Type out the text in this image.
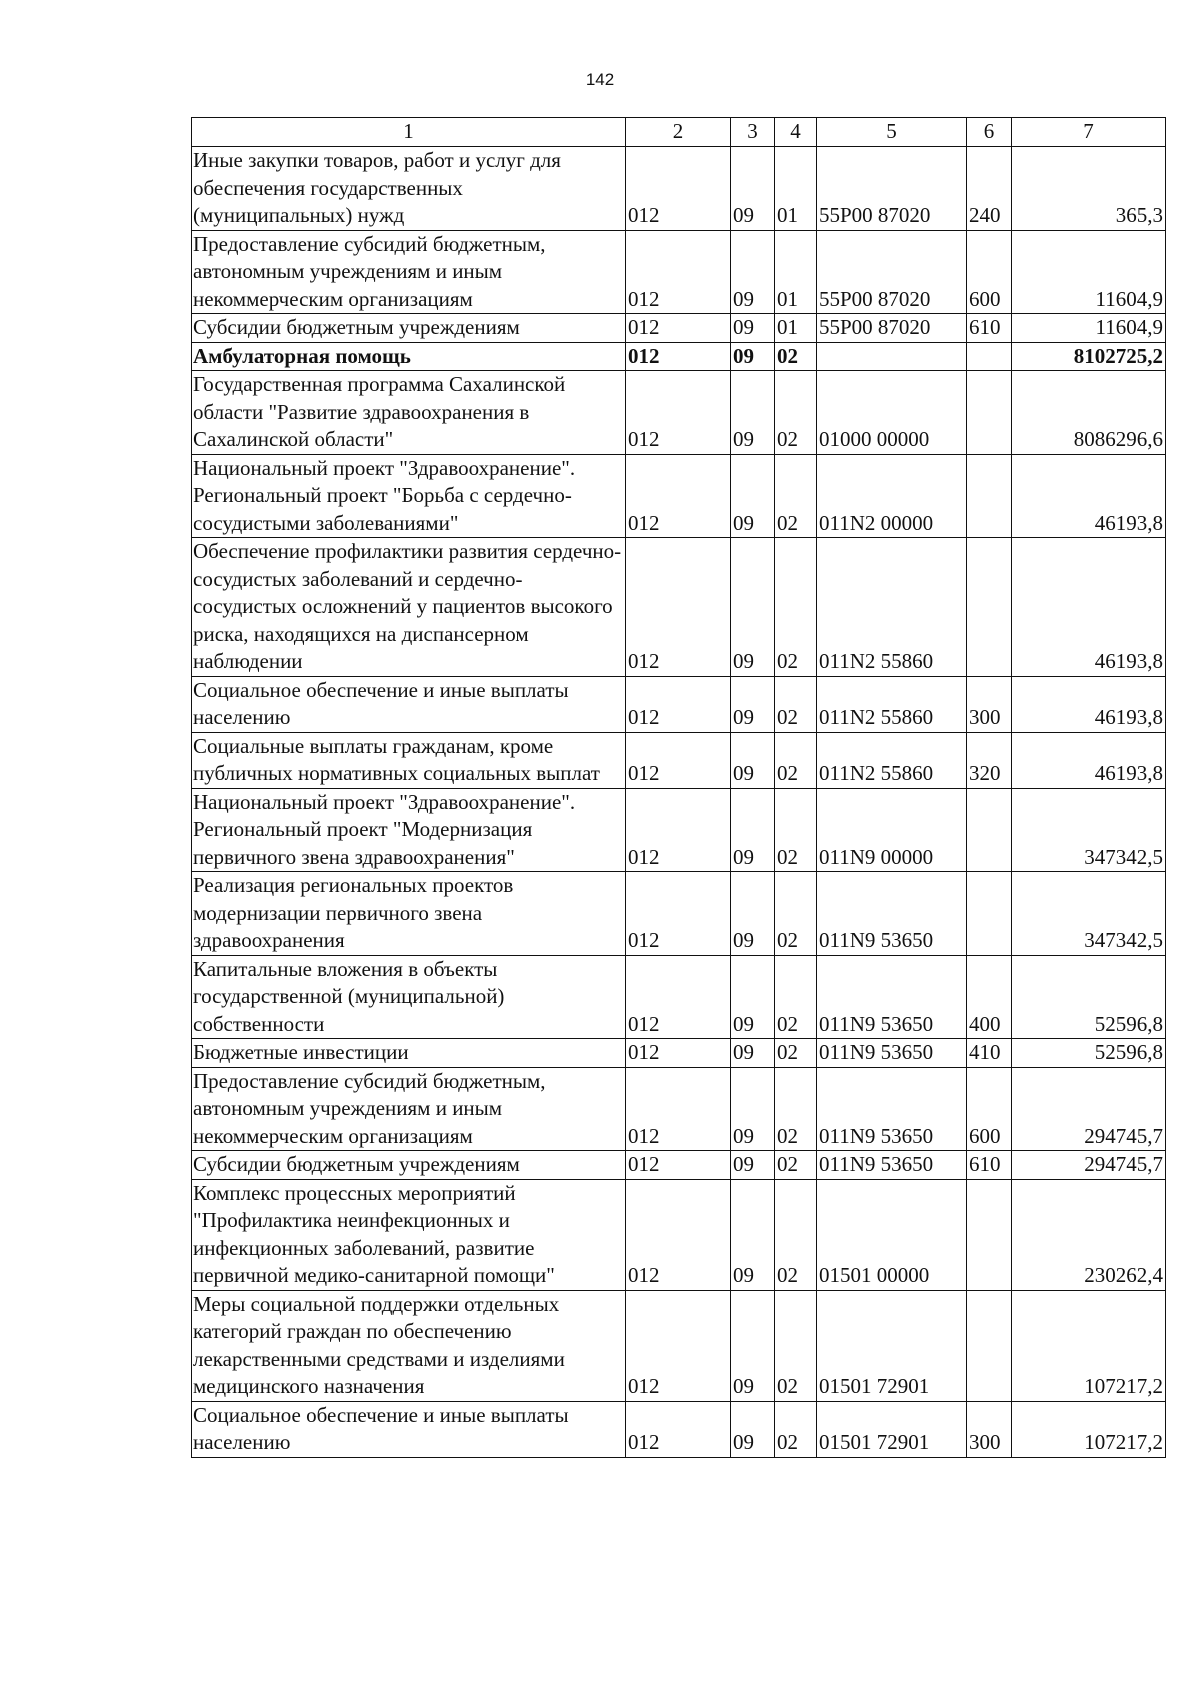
142
1	2	3	4	5	6	7
Иные закупки товаров, работ и услуг для обеспечения государственных (муниципальных) нужд	012	09	01	55Р00 87020	240	365,3
Предоставление субсидий бюджетным, автономным учреждениям и иным некоммерческим организациям	012	09	01	55Р00 87020	600	11604,9
Субсидии бюджетным учреждениям	012	09	01	55Р00 87020	610	11604,9
Амбулаторная помощь	012	09	02			8102725,2
Государственная программа Сахалинской области "Развитие здравоохранения в Сахалинской области"	012	09	02	01000 00000		8086296,6
Национальный проект "Здравоохранение". Региональный проект "Борьба с сердечно-сосудистыми заболеваниями"	012	09	02	011N2 00000		46193,8
Обеспечение профилактики развития сердечно-сосудистых заболеваний и сердечно-сосудистых осложнений у пациентов высокого риска, находящихся на диспансерном наблюдении	012	09	02	011N2 55860		46193,8
Социальное обеспечение и иные выплаты населению	012	09	02	011N2 55860	300	46193,8
Социальные выплаты гражданам, кроме публичных нормативных социальных выплат	012	09	02	011N2 55860	320	46193,8
Национальный проект "Здравоохранение". Региональный проект "Модернизация первичного звена здравоохранения"	012	09	02	011N9 00000		347342,5
Реализация региональных проектов модернизации первичного звена здравоохранения	012	09	02	011N9 53650		347342,5
Капитальные вложения в объекты государственной (муниципальной) собственности	012	09	02	011N9 53650	400	52596,8
Бюджетные инвестиции	012	09	02	011N9 53650	410	52596,8
Предоставление субсидий бюджетным, автономным учреждениям и иным некоммерческим организациям	012	09	02	011N9 53650	600	294745,7
Субсидии бюджетным учреждениям	012	09	02	011N9 53650	610	294745,7
Комплекс процессных мероприятий "Профилактика неинфекционных и инфекционных заболеваний, развитие первичной медико-санитарной помощи"	012	09	02	01501 00000		230262,4
Меры социальной поддержки отдельных категорий граждан по обеспечению лекарственными средствами и изделиями медицинского назначения	012	09	02	01501 72901		107217,2
Социальное обеспечение и иные выплаты населению	012	09	02	01501 72901	300	107217,2
